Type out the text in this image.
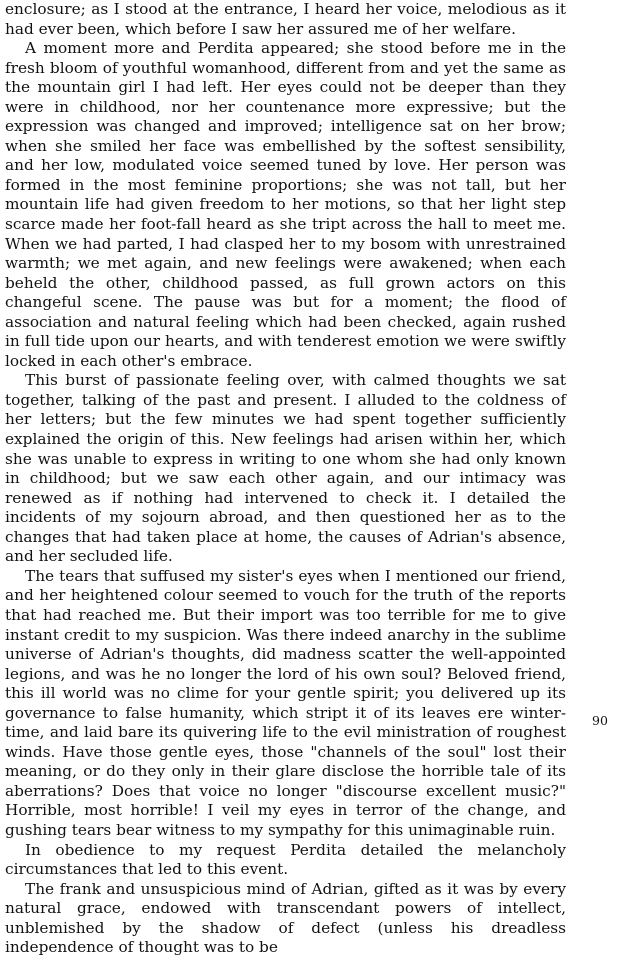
enclosure; as I stood at the entrance, I heard her voice, melodious as it had ever been, which before I saw her assured me of her welfare.

A moment more and Perdita appeared; she stood before me in the fresh bloom of youthful womanhood, different from and yet the same as the mountain girl I had left. Her eyes could not be deeper than they were in childhood, nor her countenance more expressive; but the expression was changed and improved; intelligence sat on her brow; when she smiled her face was embellished by the softest sensibility, and her low, modulated voice seemed tuned by love. Her person was formed in the most feminine proportions; she was not tall, but her mountain life had given freedom to her motions, so that her light step scarce made her foot-fall heard as she tript across the hall to meet me. When we had parted, I had clasped her to my bosom with unrestrained warmth; we met again, and new feelings were awakened; when each beheld the other, childhood passed, as full grown actors on this changeful scene. The pause was but for a moment; the flood of association and natural feeling which had been checked, again rushed in full tide upon our hearts, and with tenderest emotion we were swiftly locked in each other's embrace.

This burst of passionate feeling over, with calmed thoughts we sat together, talking of the past and present. I alluded to the coldness of her letters; but the few minutes we had spent together sufficiently explained the origin of this. New feelings had arisen within her, which she was unable to express in writing to one whom she had only known in childhood; but we saw each other again, and our intimacy was renewed as if nothing had intervened to check it. I detailed the incidents of my sojourn abroad, and then questioned her as to the changes that had taken place at home, the causes of Adrian's absence, and her secluded life.

The tears that suffused my sister's eyes when I mentioned our friend, and her heightened colour seemed to vouch for the truth of the reports that had reached me. But their import was too terrible for me to give instant credit to my suspicion. Was there indeed anarchy in the sublime universe of Adrian's thoughts, did madness scatter the well-appointed legions, and was he no longer the lord of his own soul? Beloved friend, this ill world was no clime for your gentle spirit; you delivered up its governance to false humanity, which stript it of its leaves ere winter-time, and laid bare its quivering life to the evil ministration of roughest winds. Have those gentle eyes, those "channels of the soul" lost their meaning, or do they only in their glare disclose the horrible tale of its aberrations? Does that voice no longer "discourse excellent music?" Horrible, most horrible! I veil my eyes in terror of the change, and gushing tears bear witness to my sympathy for this unimaginable ruin.

In obedience to my request Perdita detailed the melancholy circumstances that led to this event.

The frank and unsuspicious mind of Adrian, gifted as it was by every natural grace, endowed with transcendant powers of intellect, unblemished by the shadow of defect (unless his dreadless independence of thought was to be

90
